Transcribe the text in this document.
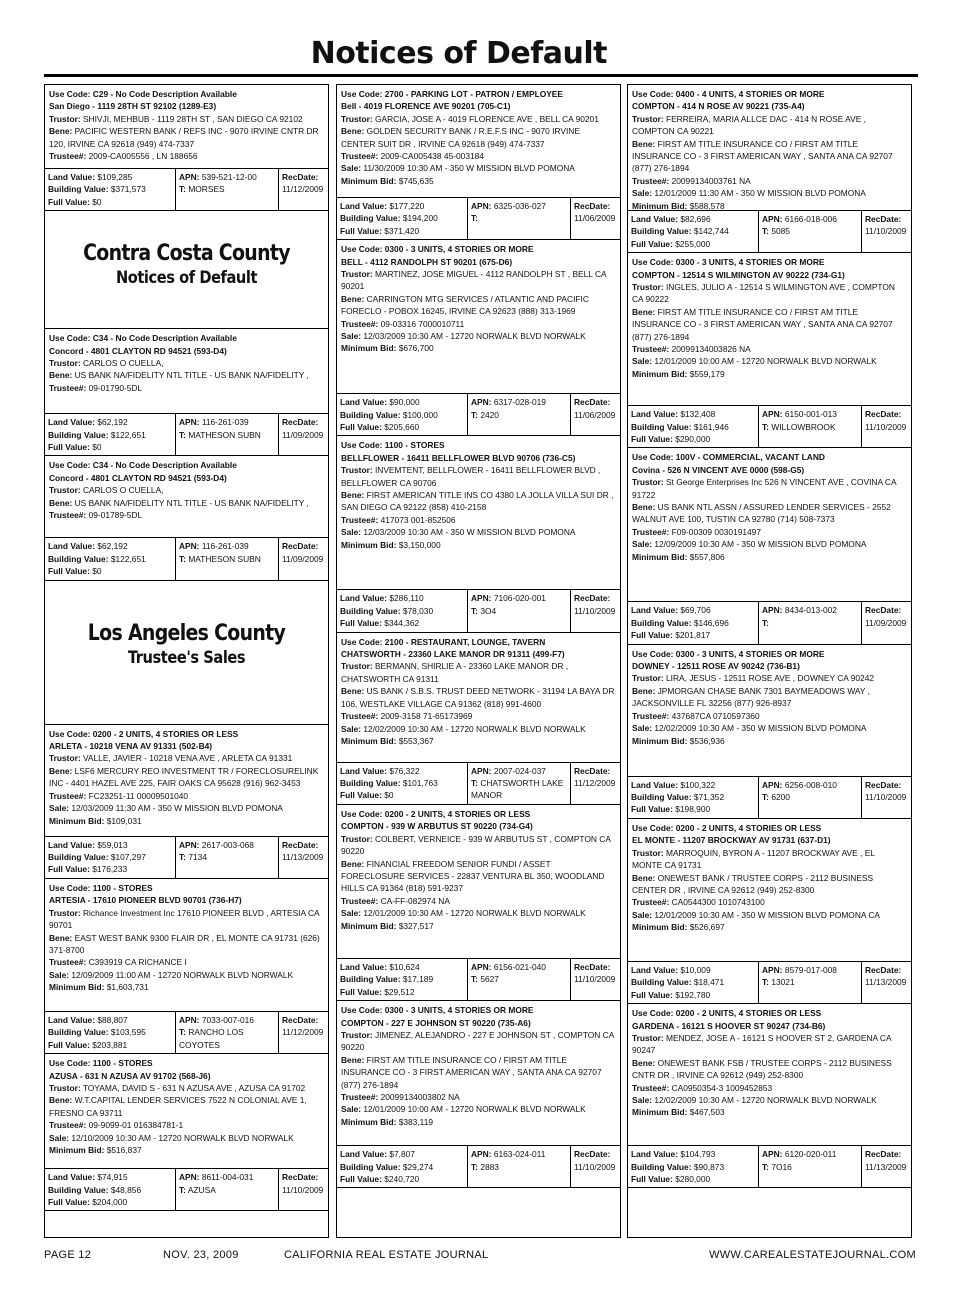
Notices of Default
Use Code: C29 - No Code Description Available
San Diego - 1119 28TH ST 92102 (1289-E3)
Trustor: SHIVJI, MEHBUB - 1119 28TH ST , SAN DIEGO CA 92102
Bene: PACIFIC WESTERN BANK / REFS INC - 9070 IRVINE CNTR DR 120, IRVINE CA 92618 (949) 474-7337
Trustee#: 2009-CA005556 , LN 188656
Land Value: $109,285
Building Value: $371,573
Full Value: $0
APN: 539-521-12-00
T: MORSES
RecDate:
11/12/2009
Contra Costa County
Notices of Default
Use Code: C34 - No Code Description Available
Concord - 4801 CLAYTON RD 94521 (593-D4)
Trustor: CARLOS O CUELLA,
Bene: US BANK NA/FIDELITY NTL TITLE - US BANK NA/FIDELITY ,
Trustee#: 09-01790-5DL
Land Value: $62,192
Building Value: $122,651
Full Value: $0
APN: 116-261-039
T: MATHESON SUBN
RecDate:
11/09/2009
Use Code: C34 - No Code Description Available
Concord - 4801 CLAYTON RD 94521 (593-D4)
Trustor: CARLOS O CUELLA,
Bene: US BANK NA/FIDELITY NTL TITLE - US BANK NA/FIDELITY ,
Trustee#: 09-01789-5DL
Land Value: $62,192
Building Value: $122,651
Full Value: $0
APN: 116-261-039
T: MATHESON SUBN
RecDate:
11/09/2009
Los Angeles County
Trustee's Sales
Use Code: 0200 - 2 UNITS, 4 STORIES OR LESS
ARLETA - 10218 VENA AV 91331 (502-B4)
Trustor: VALLE, JAVIER - 10218 VENA AVE , ARLETA CA 91331
Bene: LSF6 MERCURY REO INVESTMENT TR / FORECLOSURELINK INC - 4401 HAZEL AVE 225, FAIR OAKS CA 95628 (916) 962-3453
Trustee#: FC23251-11 00009501040
Sale: 12/03/2009 11:30 AM - 350 W MISSION BLVD POMONA
Minimum Bid: $109,031
Land Value: $59,013
Building Value: $107,297
Full Value: $176,233
APN: 2617-003-068
T: 7134
RecDate:
11/13/2009
Use Code: 1100 - STORES
ARTESIA - 17610 PIONEER BLVD 90701 (736-H7)
Trustor: Richance Investment Inc 17610 PIONEER BLVD , ARTESIA CA 90701
Bene: EAST WEST BANK 9300 FLAIR DR , EL MONTE CA 91731 (626) 371-8700
Trustee#: C393919 CA RICHANCE I
Sale: 12/09/2009 11:00 AM - 12720 NORWALK BLVD NORWALK
Minimum Bid: $1,603,731
Land Value: $88,807
Building Value: $103,595
Full Value: $203,881
APN: 7033-007-016
T: RANCHO LOS COYOTES
RecDate:
11/12/2009
Use Code: 1100 - STORES
AZUSA - 631 N AZUSA AV 91702 (568-J6)
Trustor: TOYAMA, DAVID S - 631 N AZUSA AVE , AZUSA CA 91702
Bene: W.T.CAPITAL LENDER SERVICES 7522 N COLONIAL AVE 1, FRESNO CA 93711
Trustee#: 09-9099-01 016384781-1
Sale: 12/10/2009 10:30 AM - 12720 NORWALK BLVD NORWALK
Minimum Bid: $516,837
Land Value: $74,915
Building Value: $48,856
Full Value: $204,000
APN: 8611-004-031
T: AZUSA
RecDate:
11/10/2009
Use Code: 2700 - PARKING LOT - PATRON / EMPLOYEE
Bell - 4019 FLORENCE AVE 90201 (705-C1)
Trustor: GARCIA, JOSE A - 4019 FLORENCE AVE , BELL CA 90201
Bene: GOLDEN SECURITY BANK / R.E.F.S INC - 9070 IRVINE CENTER SUIT DR , IRVINE CA 92618 (949) 474-7337
Trustee#: 2009-CA005438 45-003184
Sale: 11/30/2009 10:30 AM - 350 W MISSION BLVD POMONA
Minimum Bid: $745,635
Land Value: $177,220
Building Value: $194,200
Full Value: $371,420
APN: 6325-036-027
T:
RecDate:
11/06/2009
Use Code: 0300 - 3 UNITS, 4 STORIES OR MORE
BELL - 4112 RANDOLPH ST 90201 (675-D6)
Trustor: MARTINEZ, JOSE MIGUEL - 4112 RANDOLPH ST , BELL CA 90201
Bene: CARRINGTON MTG SERVICES / ATLANTIC AND PACIFIC FORECLO - POBOX 16245, IRVINE CA 92623 (888) 313-1969
Trustee#: 09-03316 7000010711
Sale: 12/03/2009 10:30 AM - 12720 NORWALK BLVD NORWALK
Minimum Bid: $676,700
Land Value: $90,000
Building Value: $100,000
Full Value: $205,660
APN: 6317-028-019
T: 2420
RecDate:
11/06/2009
Use Code: 1100 - STORES
BELLFLOWER - 16411 BELLFLOWER BLVD 90706 (736-C5)
Trustor: INVEMTENT, BELLFLOWER - 16411 BELLFLOWER BLVD , BELLFLOWER CA 90706
Bene: FIRST AMERICAN TITLE INS CO 4380 LA JOLLA VILLA SUI DR , SAN DIEGO CA 92122 (858) 410-2158
Trustee#: 417073 001-852506
Sale: 12/03/2009 10:30 AM - 350 W MISSION BLVD POMONA
Minimum Bid: $3,150,000
Land Value: $286,110
Building Value: $78,030
Full Value: $344,362
APN: 7106-020-001
T: 3O4
RecDate:
11/10/2009
Use Code: 2100 - RESTAURANT, LOUNGE, TAVERN
CHATSWORTH - 23360 LAKE MANOR DR 91311 (499-F7)
Trustor: BERMANN, SHIRLIE A - 23360 LAKE MANOR DR , CHATSWORTH CA 91311
Bene: US BANK / S.B.S. TRUST DEED NETWORK - 31194 LA BAYA DR 106, WESTLAKE VILLAGE CA 91362 (818) 991-4600
Trustee#: 2009-3158 71-65173969
Sale: 12/02/2009 10:30 AM - 12720 NORWALK BLVD NORWALK
Minimum Bid: $553,367
Land Value: $76,322
Building Value: $101,763
Full Value: $0
APN: 2007-024-037
T: CHATSWORTH LAKE MANOR
RecDate:
11/12/2009
Use Code: 0200 - 2 UNITS, 4 STORIES OR LESS
COMPTON - 939 W ARBUTUS ST 90220 (734-G4)
Trustor: COLBERT, VERNEICE - 939 W ARBUTUS ST , COMPTON CA 90220
Bene: FINANCIAL FREEDOM SENIOR FUNDI / ASSET FORECLOSURE SERVICES - 22837 VENTURA BL 350, WOODLAND HILLS CA 91364 (818) 591-9237
Trustee#: CA-FF-082974 NA
Sale: 12/01/2009 10:30 AM - 12720 NORWALK BLVD NORWALK
Minimum Bid: $327,517
Land Value: $10,624
Building Value: $17,189
Full Value: $29,512
APN: 6156-021-040
T: 5627
RecDate:
11/10/2009
Use Code: 0300 - 3 UNITS, 4 STORIES OR MORE
COMPTON - 227 E JOHNSON ST 90220 (735-A6)
Trustor: JIMENEZ, ALEJANDRO - 227 E JOHNSON ST , COMPTON CA 90220
Bene: FIRST AM TITLE INSURANCE CO / FIRST AM TITLE INSURANCE CO - 3 FIRST AMERICAN WAY , SANTA ANA CA 92707 (877) 276-1894
Trustee#: 20099134003802 NA
Sale: 12/01/2009 10:00 AM - 12720 NORWALK BLVD NORWALK
Minimum Bid: $383,119
Land Value: $7,807
Building Value: $29,274
Full Value: $240,720
APN: 6163-024-011
T: 2883
RecDate:
11/10/2009
Use Code: 0400 - 4 UNITS, 4 STORIES OR MORE
COMPTON - 414 N ROSE AV 90221 (735-A4)
Trustor: FERREIRA, MARIA ALLCE DAC - 414 N ROSE AVE , COMPTON CA 90221
Bene: FIRST AM TITLE INSURANCE CO / FIRST AM TITLE INSURANCE CO - 3 FIRST AMERICAN WAY , SANTA ANA CA 92707 (877) 276-1894
Trustee#: 20099134003761 NA
Sale: 12/01/2009 11:30 AM - 350 W MISSION BLVD POMONA
Minimum Bid: $588,578
Land Value: $82,696
Building Value: $142,744
Full Value: $255,000
APN: 6166-018-006
T: 5085
RecDate:
11/10/2009
Use Code: 0300 - 3 UNITS, 4 STORIES OR MORE
COMPTON - 12514 S WILMINGTON AV 90222 (734-G1)
Trustor: INGLES, JULIO A - 12514 S WILMINGTON AVE , COMPTON CA 90222
Bene: FIRST AM TITLE INSURANCE CO / FIRST AM TITLE INSURANCE CO - 3 FIRST AMERICAN WAY , SANTA ANA CA 92707 (877) 276-1894
Trustee#: 20099134003826 NA
Sale: 12/01/2009 10:00 AM - 12720 NORWALK BLVD NORWALK
Minimum Bid: $559,179
Land Value: $132,408
Building Value: $161,946
Full Value: $290,000
APN: 6150-001-013
T: WILLOWBROOK
RecDate:
11/10/2009
Use Code: 100V - COMMERCIAL, VACANT LAND
Covina - 526 N VINCENT AVE 0000 (598-G5)
Trustor: St George Enterprises Inc 526 N VINCENT AVE , COVINA CA 91722
Bene: US BANK NTL ASSN / ASSURED LENDER SERVICES - 2552 WALNUT AVE 100, TUSTIN CA 92780 (714) 508-7373
Trustee#: F09-00309 0030191497
Sale: 12/09/2009 10:30 AM - 350 W MISSION BLVD POMONA
Minimum Bid: $557,806
Land Value: $69,706
Building Value: $146,696
Full Value: $201,817
APN: 8434-013-002
T:
RecDate:
11/09/2009
Use Code: 0300 - 3 UNITS, 4 STORIES OR MORE
DOWNEY - 12511 ROSE AV 90242 (736-B1)
Trustor: LIRA, JESUS - 12511 ROSE AVE , DOWNEY CA 90242
Bene: JPMORGAN CHASE BANK 7301 BAYMEADOWS WAY , JACKSONVILLE FL 32256 (877) 926-8937
Trustee#: 437687CA 0710597360
Sale: 12/02/2009 10:30 AM - 350 W MISSION BLVD POMONA
Minimum Bid: $536,936
Land Value: $100,322
Building Value: $71,352
Full Value: $198,900
APN: 6256-008-010
T: 6200
RecDate:
11/10/2009
Use Code: 0200 - 2 UNITS, 4 STORIES OR LESS
EL MONTE - 11207 BROCKWAY AV 91731 (637-D1)
Trustor: MARROQUIN, BYRON A - 11207 BROCKWAY AVE , EL MONTE CA 91731
Bene: ONEWEST BANK / TRUSTEE CORPS - 2112 BUSINESS CENTER DR , IRVINE CA 92612 (949) 252-8300
Trustee#: CA0544300 1010743100
Sale: 12/01/2009 10:30 AM - 350 W MISSION BLVD POMONA CA
Minimum Bid: $526,697
Land Value: $10,009
Building Value: $18,471
Full Value: $192,780
APN: 8579-017-008
T: 13021
RecDate:
11/13/2009
Use Code: 0200 - 2 UNITS, 4 STORIES OR LESS
GARDENA - 16121 S HOOVER ST 90247 (734-B6)
Trustor: MENDEZ, JOSE A - 16121 S HOOVER ST 2, GARDENA CA 90247
Bene: ONEWEST BANK FSB / TRUSTEE CORPS - 2112 BUSINESS CNTR DR , IRVINE CA 92612 (949) 252-8300
Trustee#: CA0950354-3 1009452853
Sale: 12/02/2009 10:30 AM - 12720 NORWALK BLVD NORWALK
Minimum Bid: $467,503
Land Value: $104,793
Building Value: $90,873
Full Value: $280,000
APN: 6120-020-011
T: 7O16
RecDate:
11/13/2009
PAGE 12	NOV. 23, 2009	CALIFORNIA REAL ESTATE JOURNAL	WWW.CAREALESTATEJOURNAL.COM
